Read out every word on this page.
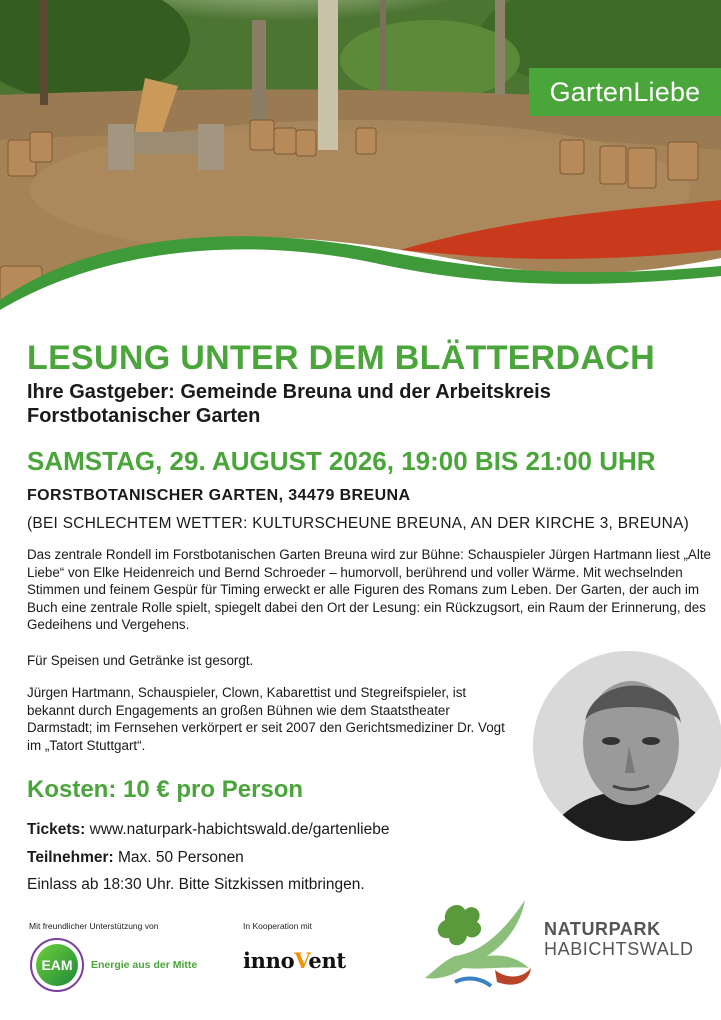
GartenLiebe
LESUNG UNTER DEM BLÄTTERDACH
Ihre Gastgeber: Gemeinde Breuna und der Arbeitskreis
Forstbotanischer Garten
SAMSTAG, 29. AUGUST 2026, 19:00 BIS 21:00 UHR
FORSTBOTANISCHER GARTEN, 34479 BREUNA
(BEI SCHLECHTEM WETTER: KULTURSCHEUNE BREUNA, AN DER KIRCHE 3, BREUNA)

Das zentrale Rondell im Forstbotanischen Garten Breuna wird zur Bühne: Schauspieler Jürgen Hartmann liest „Alte Liebe“ von Elke Heidenreich und Bernd Schroeder – humorvoll, berührend und voller Wärme. Mit wechselnden Stimmen und feinem Gespür für Timing erweckt er alle Figuren des Romans zum Leben. Der Garten, der auch im Buch eine zentrale Rolle spielt, spiegelt dabei den Ort der Lesung: ein Rückzugsort, ein Raum der Erinnerung, des Gedeihens und Vergehens.

Für Speisen und Getränke ist gesorgt.

Jürgen Hartmann, Schauspieler, Clown, Kabarettist und Stegreifspieler, ist bekannt durch Engagements an großen Bühnen wie dem Staatstheater Darmstadt; im Fernsehen verkörpert er seit 2007 den Gerichtsmediziner Dr. Vogt im „Tatort Stuttgart“.

Kosten: 10 € pro Person
Tickets: www.naturpark-habichtswald.de/gartenliebe
Teilnehmer: Max. 50 Personen
Einlass ab 18:30 Uhr. Bitte Sitzkissen mitbringen.
Mit freundlicher Unterstützung von	In Kooperation mit
EAM Energie aus der Mitte innoVent
NATURPARK
HABICHTSWALD
